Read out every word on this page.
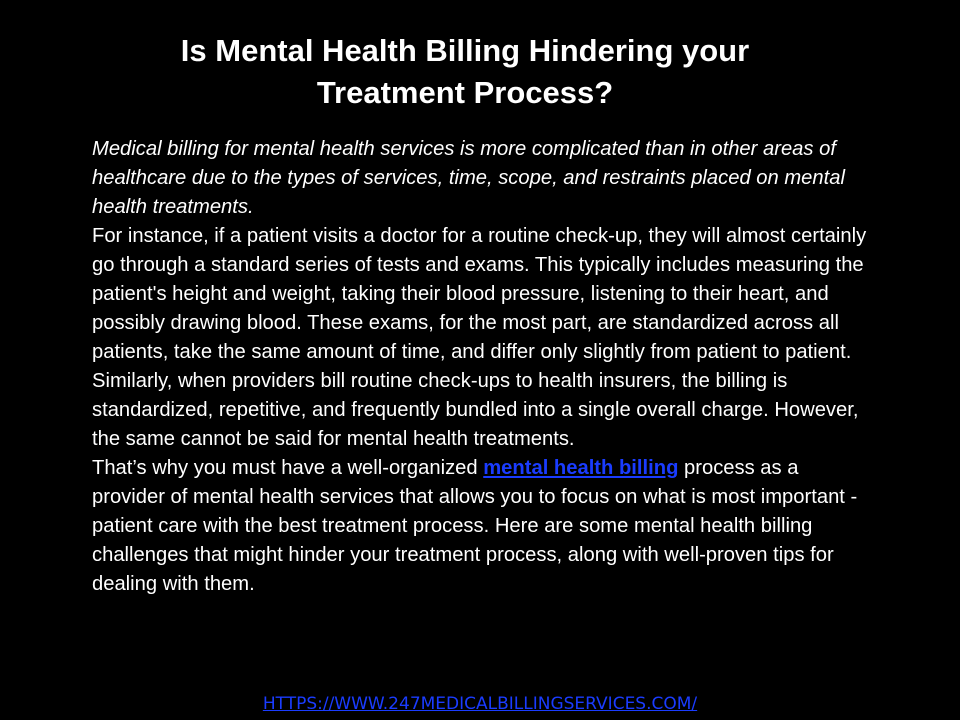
Is Mental Health Billing Hindering your
Treatment Process?

Medical billing for mental health services is more complicated than in other areas of healthcare due to the types of services, time, scope, and restraints placed on mental health treatments.

For instance, if a patient visits a doctor for a routine check-up, they will almost certainly go through a standard series of tests and exams. This typically includes measuring the patient's height and weight, taking their blood pressure, listening to their heart, and possibly drawing blood. These exams, for the most part, are standardized across all patients, take the same amount of time, and differ only slightly from patient to patient.

Similarly, when providers bill routine check-ups to health insurers, the billing is standardized, repetitive, and frequently bundled into a single overall charge. However, the same cannot be said for mental health treatments.

That’s why you must have a well-organized mental health billing process as a provider of mental health services that allows you to focus on what is most important - patient care with the best treatment process. Here are some mental health billing challenges that might hinder your treatment process, along with well-proven tips for dealing with them.

HTTPS://WWW.247MEDICALBILLINGSERVICES.COM/
